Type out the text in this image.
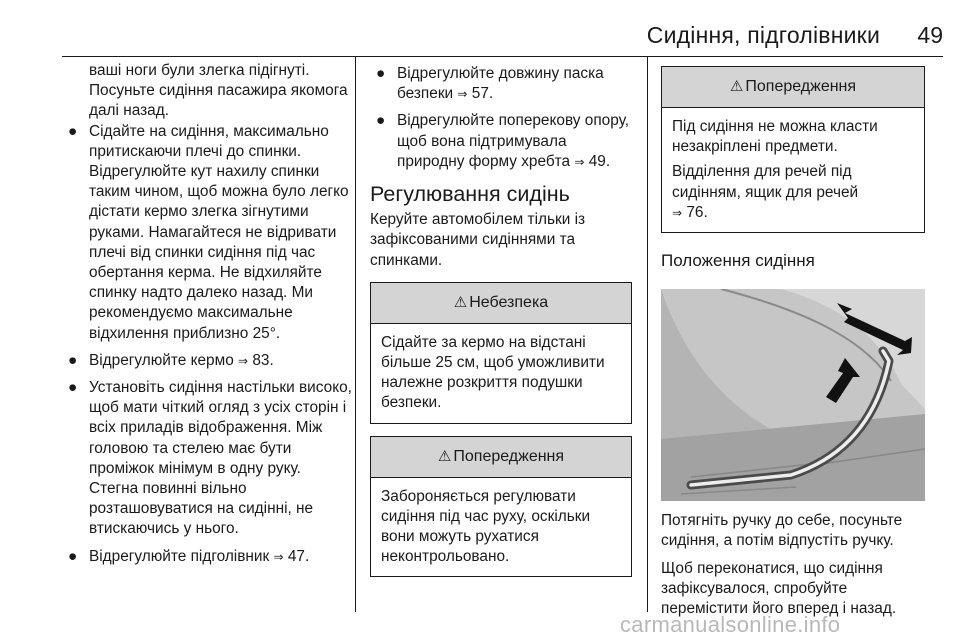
Сидіння, підголівники	49

ваші ноги були злегка підігнуті. Посуньте сидіння пасажира якомога далі назад.

● Сідайте на сидіння, максимально притискаючи плечі до спинки. Відрегулюйте кут нахилу спинки таким чином, щоб можна було легко дістати кермо злегка зігнутими руками. Намагайтеся не відривати плечі від спинки сидіння під час обертання керма. Не відхиляйте спинку надто далеко назад. Ми рекомендуємо максимальне відхилення приблизно 25°.
● Відрегулюйте кермо ⇒ 83.
● Установіть сидіння настільки високо, щоб мати чіткий огляд з усіх сторін і всіх приладів відображення. Між головою та стелею має бути проміжок мінімум в одну руку. Стегна повинні вільно розташовуватися на сидінні, не втискаючись у нього.
● Відрегулюйте підголівник ⇒ 47.
● Відрегулюйте довжину паска безпеки ⇒ 57.
● Відрегулюйте поперекову опору, щоб вона підтримувала природну форму хребта ⇒ 49.
Регулювання сидінь

Керуйте автомобілем тільки із зафіксованими сидіннями та спинками.

⚠ Небезпека

Сідайте за кермо на відстані більше 25 см, щоб уможливити належне розкриття подушки безпеки.

⚠ Попередження

Забороняється регулювати сидіння під час руху, оскільки вони можуть рухатися неконтрольовано.

⚠ Попередження

Під сидіння не можна класти незакріплені предмети.

Відділення для речей під сидінням, ящик для речей
⇒ 76.

Положення сидіння

Потягніть ручку до себе, посуньте сидіння, а потім відпустіть ручку.

Щоб переконатися, що сидіння зафіксувалося, спробуйте перемістити його вперед і назад.

carmanualsonline.info
